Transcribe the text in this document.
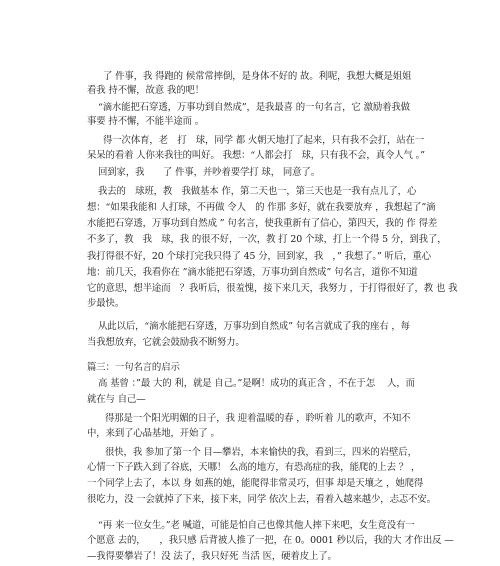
了 件事，我 得跑的 候常常摔倒，是身体不好的 故。利呢，我想大概是姐姐
看我 持不懈，故意 我的吧！
“滴水能把石穿透，万事功到自然成”，是我最喜 的一句名言，它 激励着我做
事要 持不懈，不能半途而 。
得一次体育，老　打　球，同学 都 火朝天地打了起来，只有我不会打，站在一
呆呆的看着 人你来我往的叫好。 我想：“人都会打　球，只有我不会，真令人气 。”
回到家，我　　了 件事，并吵着要学打 球， 同意了。
我去的　球班，教　我做基本 作，第二天也一，第三天也是一我有点儿了，心
想：“如果我能和 人打球，不再做 令人　的 作那 多好，就在我要放弃 ，我想起了”滴
水能把石穿透，万事功到自然成 ” 句名言，使我重新有了信心，第四天，我的 作 得差
不多了，教　我　球，我 的很不好，一次，教 打 20 个球，打上一个得 5 分，到我了，
我打得很不好，20 个球打完我只得了 45 分，回到家，我　，” 我想了。” 听后，重心
地：前几天，我看你在 ”滴水能把石穿透，万事功到自然成” 句名言，道你不知道
它的意思，想半途而　？我听后，很羞愧，接下来几天，我努力 ，于打得很好了，教 也 我
步最快。
从此以后，“滴水能把石穿透，万事功到自然成” 句名言就成了我的座右 ，每
当我想放弃，它就会鼓励我不断努力。
篇三：一句名言的启示
高 基曾 ：”最 大的 利，就是 自己。”是啊！成功的真正含 ，不在于怎　 人，而
就在与 自己—
得那是一个阳光明媚的日子，我 迎着温暖的春 ，聆听着 儿的歌声，不知不
中，来到了心晶基地，开始了 。
很快，我 参加了第一个 目—攀岩，本来愉快的我，看到三，四米的岩壁后，
心情一下子跌入到了谷底，天哪！ 么高的地方，有恐高症的我，能爬的上去 ？ ，
一个同学上去了，本以 身 如燕的她，能爬得非常灵巧，但事 却是天壤之 ，她爬得
很吃力，没 一会就掉了下来，接下来，同学 依次上去，看着入越来越少，忐忑不安。
“再 来一位女生。”老 喊道，可能是怕自己也像其他人摔下来吧，女生竟没有一
个愿意 去的，　　，我只感 后背被人推了一把，在 0。0001 秒以后，我的大 才作出反 —
—我得要攀岩了！没 法了，我只好死 当活 医，硬着皮上了。
